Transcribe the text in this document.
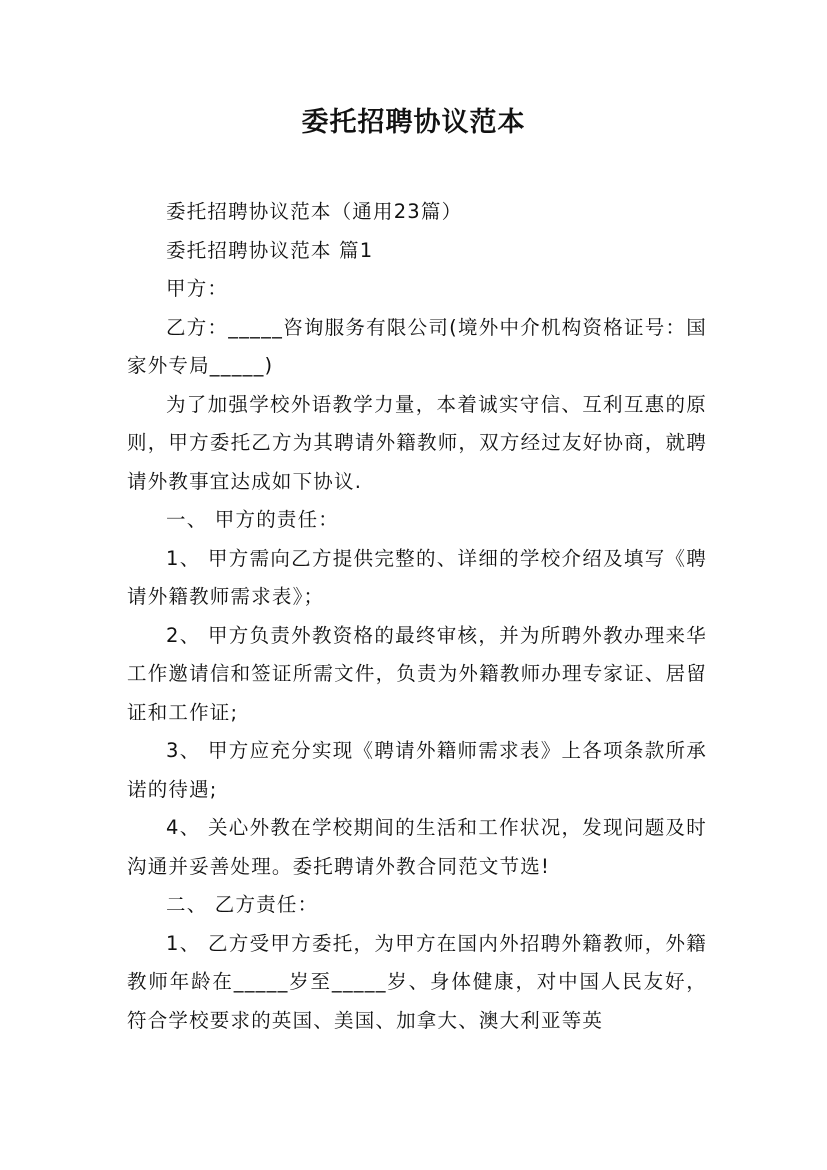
委托招聘协议范本

委托招聘协议范本（通用23篇）

委托招聘协议范本 篇1

甲方：

乙方：_____咨询服务有限公司(境外中介机构资格证号：国家外专局_____)

为了加强学校外语教学力量，本着诚实守信、互利互惠的原则，甲方委托乙方为其聘请外籍教师，双方经过友好协商，就聘请外教事宜达成如下协议.

一、 甲方的责任：

1、 甲方需向乙方提供完整的、详细的学校介绍及填写《聘请外籍教师需求表》；

2、 甲方负责外教资格的最终审核，并为所聘外教办理来华工作邀请信和签证所需文件，负责为外籍教师办理专家证、居留证和工作证;

3、 甲方应充分实现《聘请外籍师需求表》上各项条款所承诺的待遇;

4、 关心外教在学校期间的生活和工作状况，发现问题及时沟通并妥善处理。委托聘请外教合同范文节选!

二、 乙方责任：

1、 乙方受甲方委托，为甲方在国内外招聘外籍教师，外籍教师年龄在_____岁至_____岁、身体健康，对中国人民友好，符合学校要求的英国、美国、加拿大、澳大利亚等英
